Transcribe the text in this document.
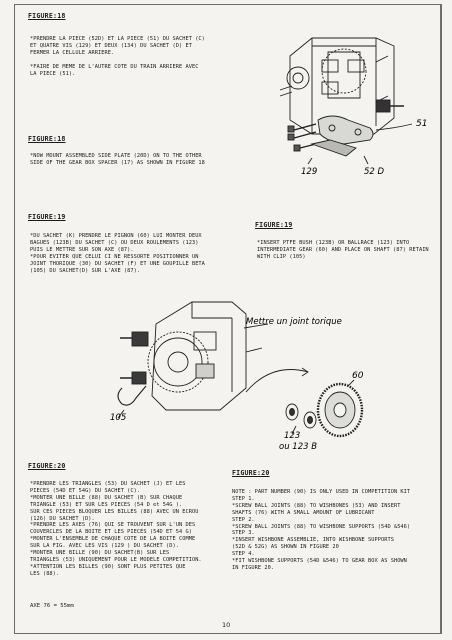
FIGURE:18
*PRENDRE LA PIECE (52D) ET LA PIECE (51) DU SACHET (C)
ET QUATRE VIS (129) ET DEUX (134) DU SACHET (D) ET
FERMER LA CELLULE ARRIERE.
*FAIRE DE MEME DE L'AUTRE COTE DU TRAIN ARRIERE AVEC
LA PIECE (51).
FIGURE:18
*NOW MOUNT ASSEMBLED SIDE PLATE (20D) ON TO THE OTHER
SIDE OF THE GEAR BOX SPACER (17) AS SHOWN IN FIGURE 18
51
129	52 D
FIGURE:19
*DU SACHET (K) PRENDRE LE PIGNON (60) LUI MONTER DEUX
BAGUES (123B) DU SACHET (C) OU DEUX ROULEMENTS (123)
PUIS LE METTRE SUR SON AXE (87).
*POUR EVITER QUE CELUI CI NE RESSORTE POSITIONNER UN
JOINT THORIQUE (30) DU SACHET (F) ET UNE GOUPILLE BETA
(105) DU SACHET(D) SUR L'AXE (87).
FIGURE:19
*INSERT PTFE BUSH (123B) OR BALLRACE (123) INTO
INTERMEDIATE GEAR (60) AND PLACE ON SHAFT (87) RETAIN
WITH CLIP (105)
Mettre un joint torique
60
105
123
ou 123 B
FIGURE:20
*PRENDRE LES TRIANGLES (53) DU SACHET (J) ET LES
PIECES (54D ET 54G) DU SACHET (C).
*MONTER UNE BILLE (88) DU SACHET (B) SUR CHAQUE
TRIANGLE (53) ET SUR LES PIECES (54 D et 54G ).
SUR CES PIECES BLOQUER LES BILLES (88) AVEC UN ECROU
(126) DU SACHET (D).
*PRENDRE LES AXES (76) QUI SE TROUVENT SUR L'UN DES
COUVERCLES DE LA BOITE ET LES PIECES (54D ET 54 G)
*MONTER L'ENSEMBLE DE CHAQUE COTE DE LA BOITE COMME
SUR LA FIG. AVEC LES VIS (129 ) DU SACHET (D).
*MONTER UNE BILLE (90) DU SACHET(B) SUR LES
TRIANGLES (53) UNIQUEMENT POUR LE MODELE COMPETITION.
*ATTENTION LES BILLES (90) SONT PLUS PETITES QUE
LES (88).
FIGURE:20
NOTE : PART NUMBER (90) IS ONLY USED IN COMPETITION KIT
STEP 1.
*SCREW BALL JOINTS (88) TO WISHBONES (53) AND INSERT
SHAFTS (76) WITH A SMALL AMOUNT OF LUBRICANT
STEP 2.
*SCREW BALL JOINTS (88) TO WISHBONE SUPPORTS (54D &546)
STEP 3.
*INSERT WISHBONE ASSEMBLIE, INTO WISHBONE SUPPORTS
(52D & 52G) AS SHOWN IN FIGURE 20
STEP 4.
*FIT WISHBONE SUPPORTS (54D &546) TO GEAR BOX AS SHOWN
IN FIGURE 20.
AXE 76 = 55mm
10
